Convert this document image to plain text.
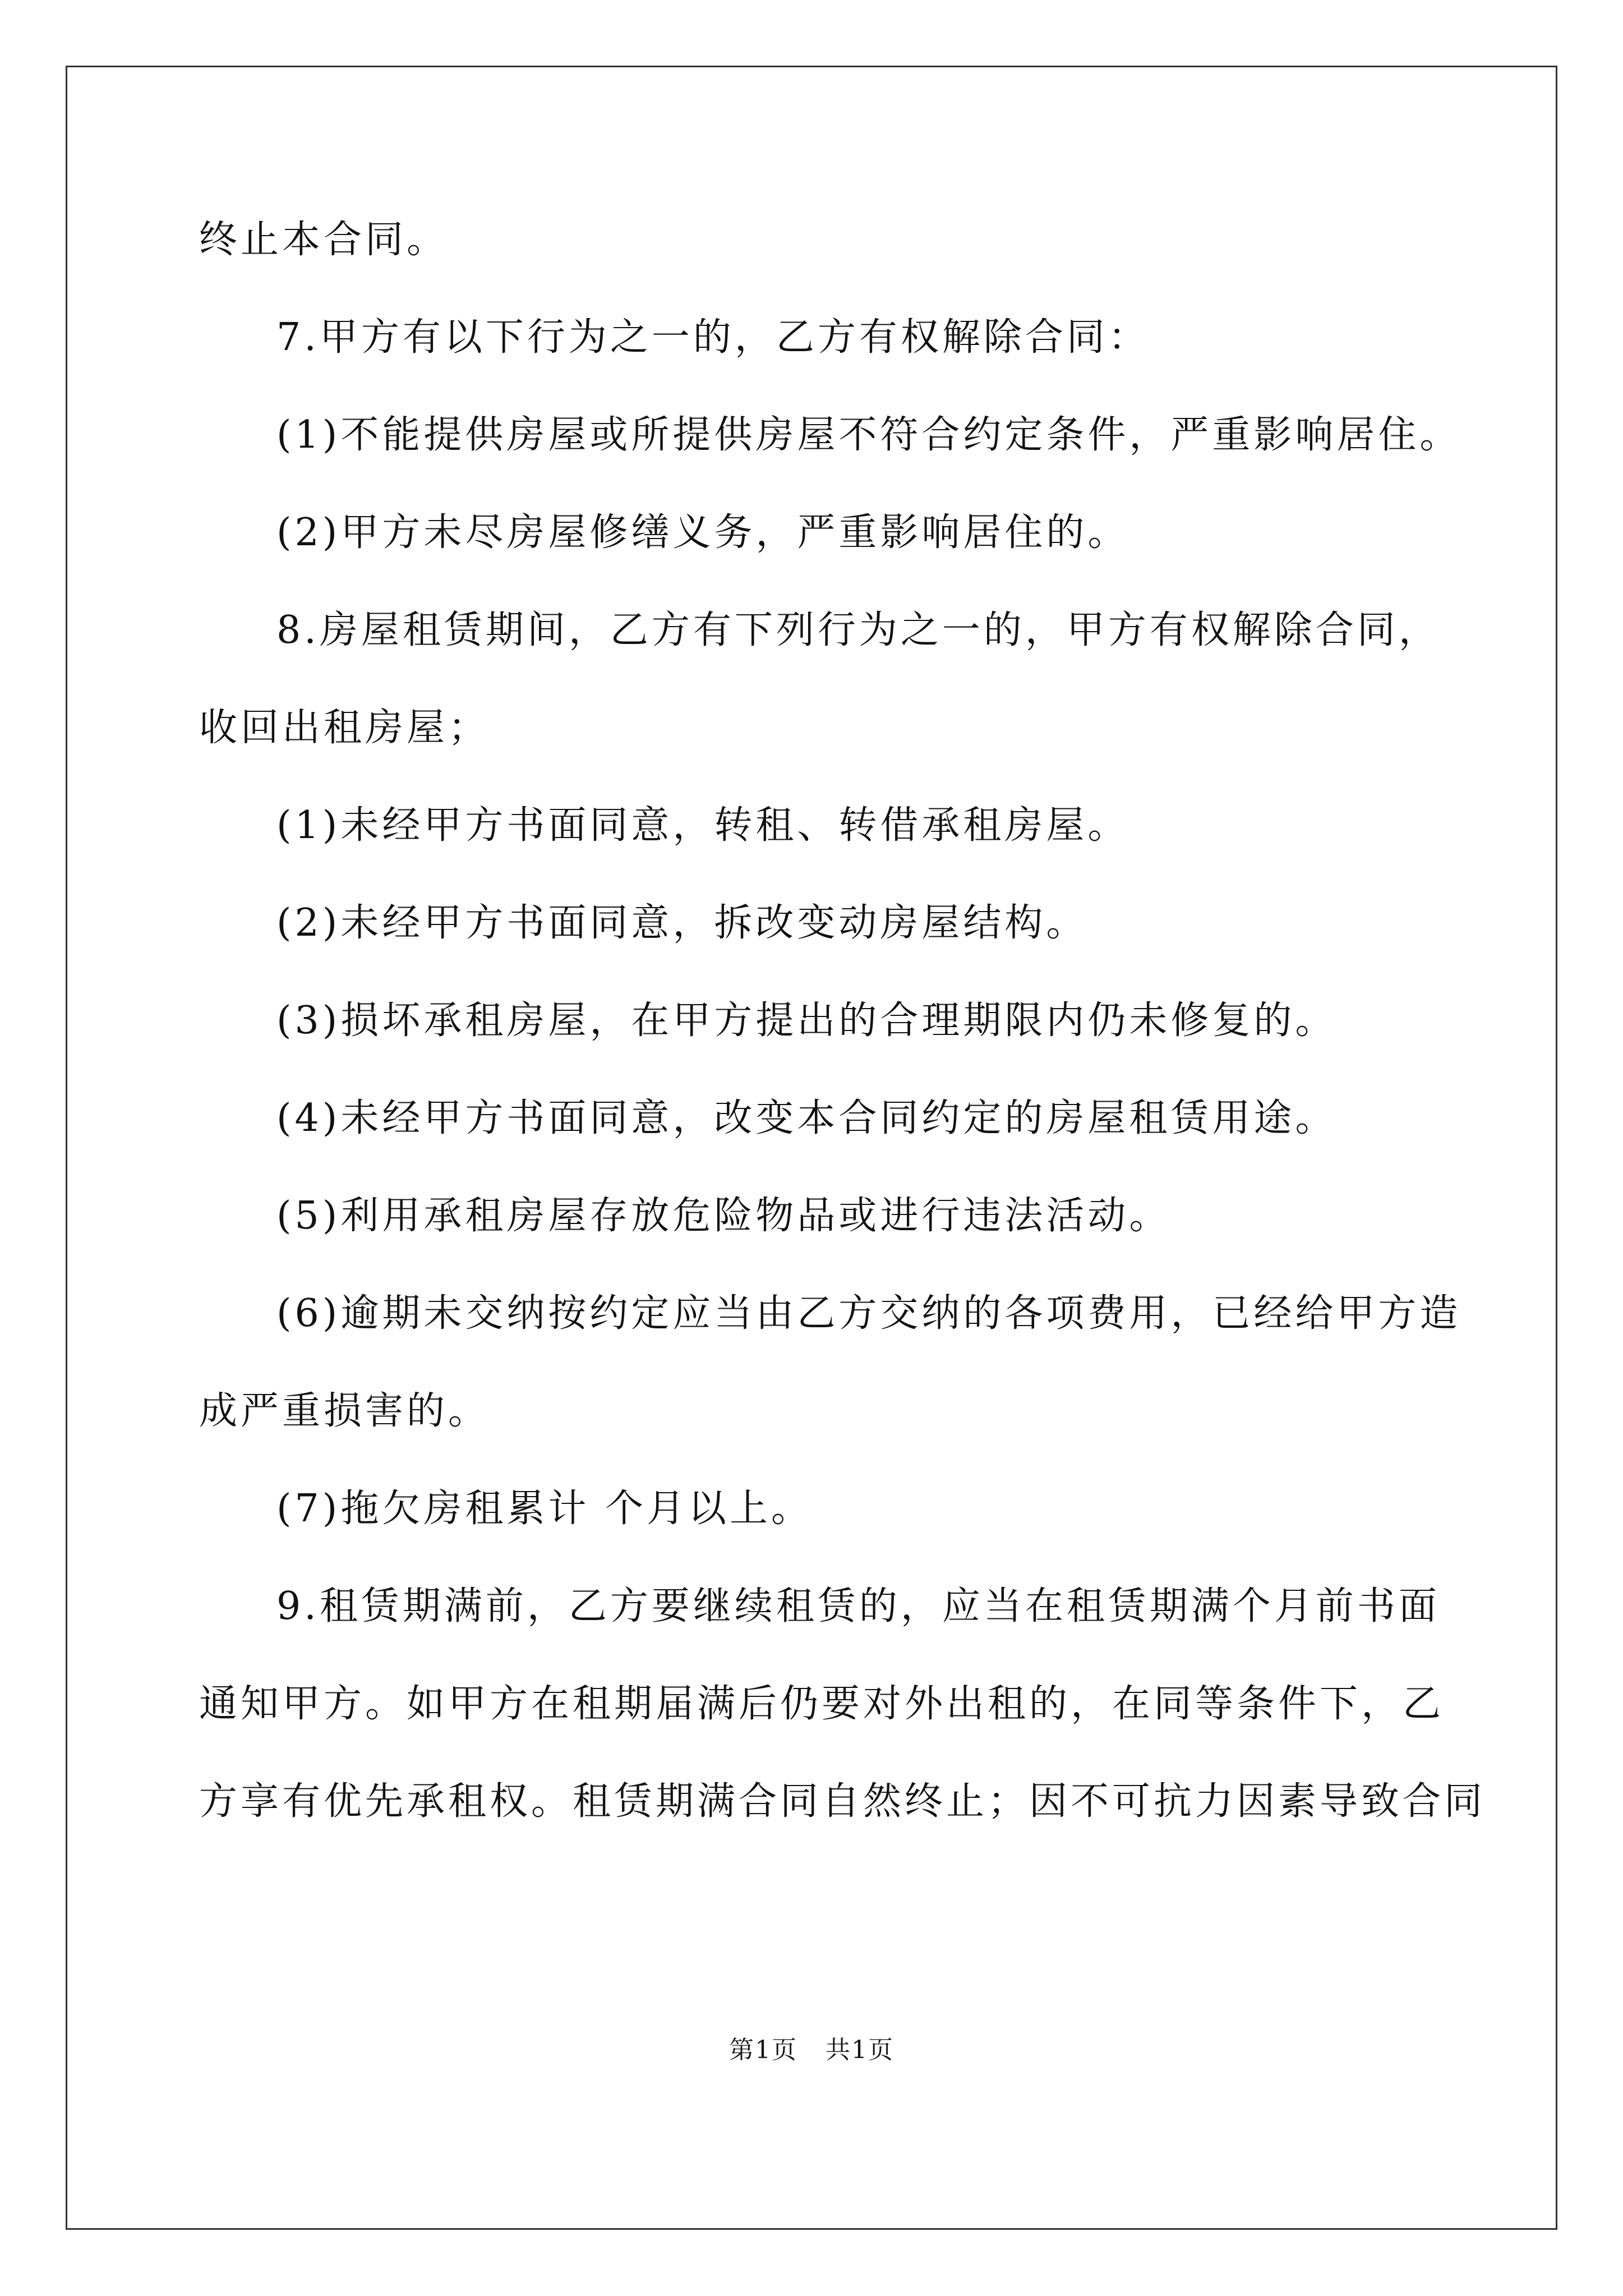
终止本合同。
7.甲方有以下行为之一的，乙方有权解除合同：
(1)不能提供房屋或所提供房屋不符合约定条件，严重影响居住。
(2)甲方未尽房屋修缮义务，严重影响居住的。
8.房屋租赁期间，乙方有下列行为之一的，甲方有权解除合同，
收回出租房屋；
(1)未经甲方书面同意，转租、转借承租房屋。
(2)未经甲方书面同意，拆改变动房屋结构。
(3)损坏承租房屋，在甲方提出的合理期限内仍未修复的。
(4)未经甲方书面同意，改变本合同约定的房屋租赁用途。
(5)利用承租房屋存放危险物品或进行违法活动。
(6)逾期未交纳按约定应当由乙方交纳的各项费用，已经给甲方造
成严重损害的。
(7)拖欠房租累计 个月以上。
9.租赁期满前，乙方要继续租赁的，应当在租赁期满个月前书面
通知甲方。如甲方在租期届满后仍要对外出租的，在同等条件下，乙
方享有优先承租权。租赁期满合同自然终止；因不可抗力因素导致合同
第1页 共1页
